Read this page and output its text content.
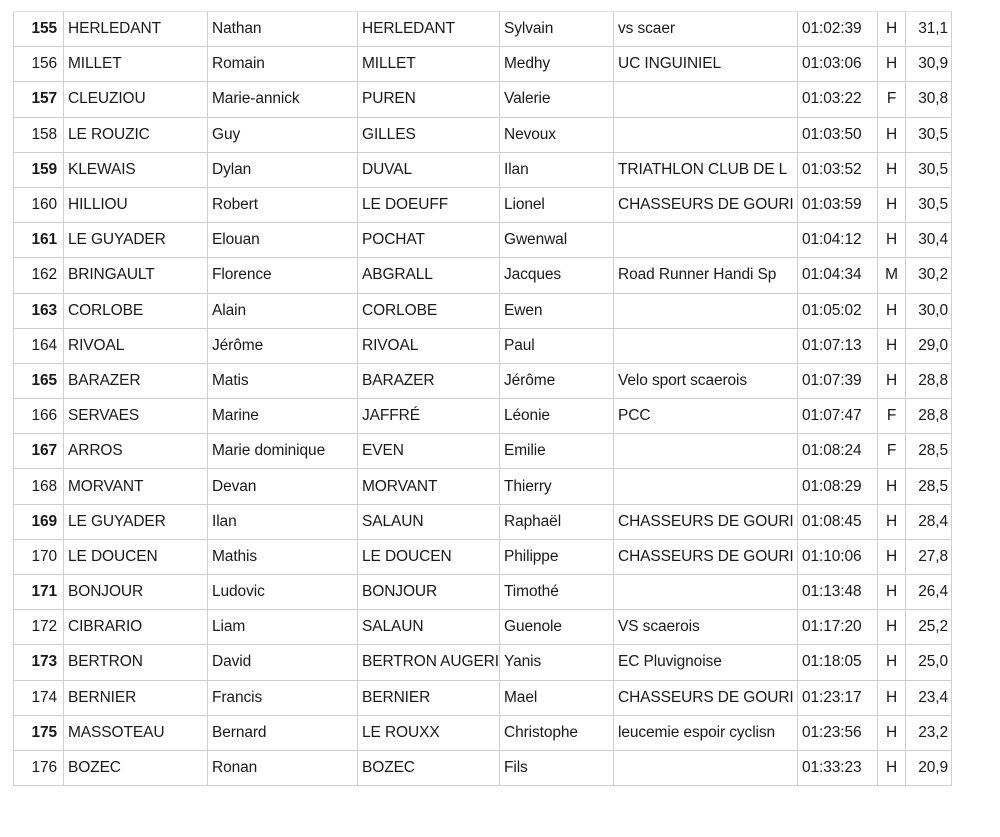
155	HERLEDANT	Nathan	HERLEDANT	Sylvain	vs scaer	01:02:39	H	31,1
156	MILLET	Romain	MILLET	Medhy	UC INGUINIEL	01:03:06	H	30,9
157	CLEUZIOU	Marie-annick	PUREN	Valerie		01:03:22	F	30,8
158	LE ROUZIC	Guy	GILLES	Nevoux		01:03:50	H	30,5
159	KLEWAIS	Dylan	DUVAL	Ilan	TRIATHLON CLUB DE L	01:03:52	H	30,5
160	HILLIOU	Robert	LE DOEUFF	Lionel	CHASSEURS DE GOURI	01:03:59	H	30,5
161	LE GUYADER	Elouan	POCHAT	Gwenwal		01:04:12	H	30,4
162	BRINGAULT	Florence	ABGRALL	Jacques	Road Runner Handi Sp	01:04:34	M	30,2
163	CORLOBE	Alain	CORLOBE	Ewen		01:05:02	H	30,0
164	RIVOAL	Jérôme	RIVOAL	Paul		01:07:13	H	29,0
165	BARAZER	Matis	BARAZER	Jérôme	Velo sport scaerois	01:07:39	H	28,8
166	SERVAES	Marine	JAFFRÉ	Léonie	PCC	01:07:47	F	28,8
167	ARROS	Marie dominique	EVEN	Emilie		01:08:24	F	28,5
168	MORVANT	Devan	MORVANT	Thierry		01:08:29	H	28,5
169	LE GUYADER	Ilan	SALAUN	Raphaël	CHASSEURS DE GOURI	01:08:45	H	28,4
170	LE DOUCEN	Mathis	LE DOUCEN	Philippe	CHASSEURS DE GOURI	01:10:06	H	27,8
171	BONJOUR	Ludovic	BONJOUR	Timothé		01:13:48	H	26,4
172	CIBRARIO	Liam	SALAUN	Guenole	VS scaerois	01:17:20	H	25,2
173	BERTRON	David	BERTRON AUGERI	Yanis	EC Pluvignoise	01:18:05	H	25,0
174	BERNIER	Francis	BERNIER	Mael	CHASSEURS DE GOURI	01:23:17	H	23,4
175	MASSOTEAU	Bernard	LE ROUXX	Christophe	leucemie espoir cyclisn	01:23:56	H	23,2
176	BOZEC	Ronan	BOZEC	Fils		01:33:23	H	20,9
